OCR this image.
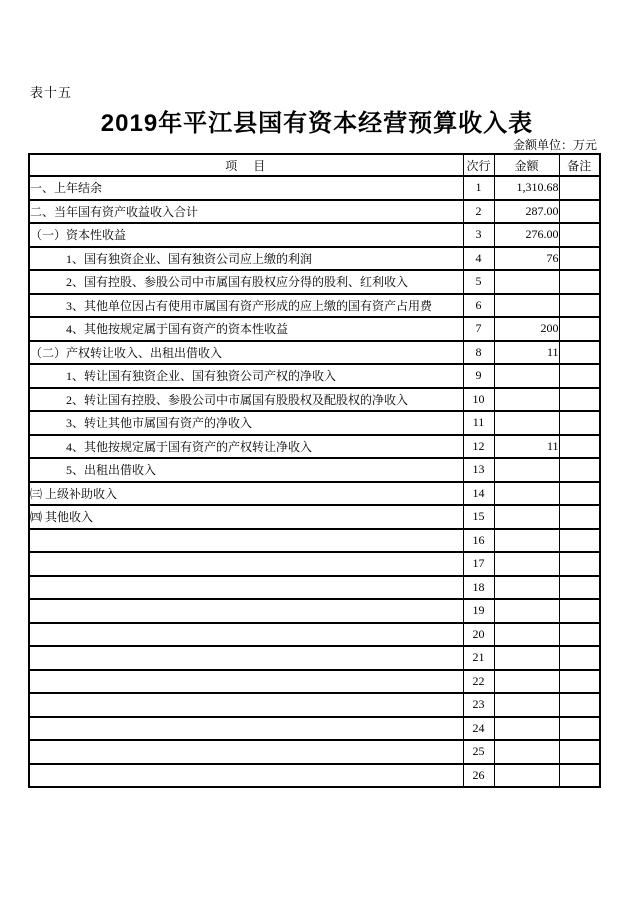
表十五
2019年平江县国有资本经营预算收入表
金额单位：万元
项　目	次行	金额	备注
一、上年结余	1	1,310.68	
二、当年国有资产收益收入合计	2	287.00	
（一）资本性收益	3	276.00	
1、国有独资企业、国有独资公司应上缴的利润	4	76	
2、国有控股、参股公司中市属国有股权应分得的股利、红利收入	5		
3、其他单位因占有使用市属国有资产形成的应上缴的国有资产占用费	6		
4、其他按规定属于国有资产的资本性收益	7	200	
（二）产权转让收入、出租出借收入	8	11	
1、转让国有独资企业、国有独资公司产权的净收入	9		
2、转让国有控股、参股公司中市属国有股股权及配股权的净收入	10		
3、转让其他市属国有资产的净收入	11		
4、其他按规定属于国有资产的产权转让净收入	12	11	
5、出租出借收入	13		
㈢ 上级补助收入	14		
㈣ 其他收入	15		
	16		
	17		
	18		
	19		
	20		
	21		
	22		
	23		
	24		
	25		
	26		
